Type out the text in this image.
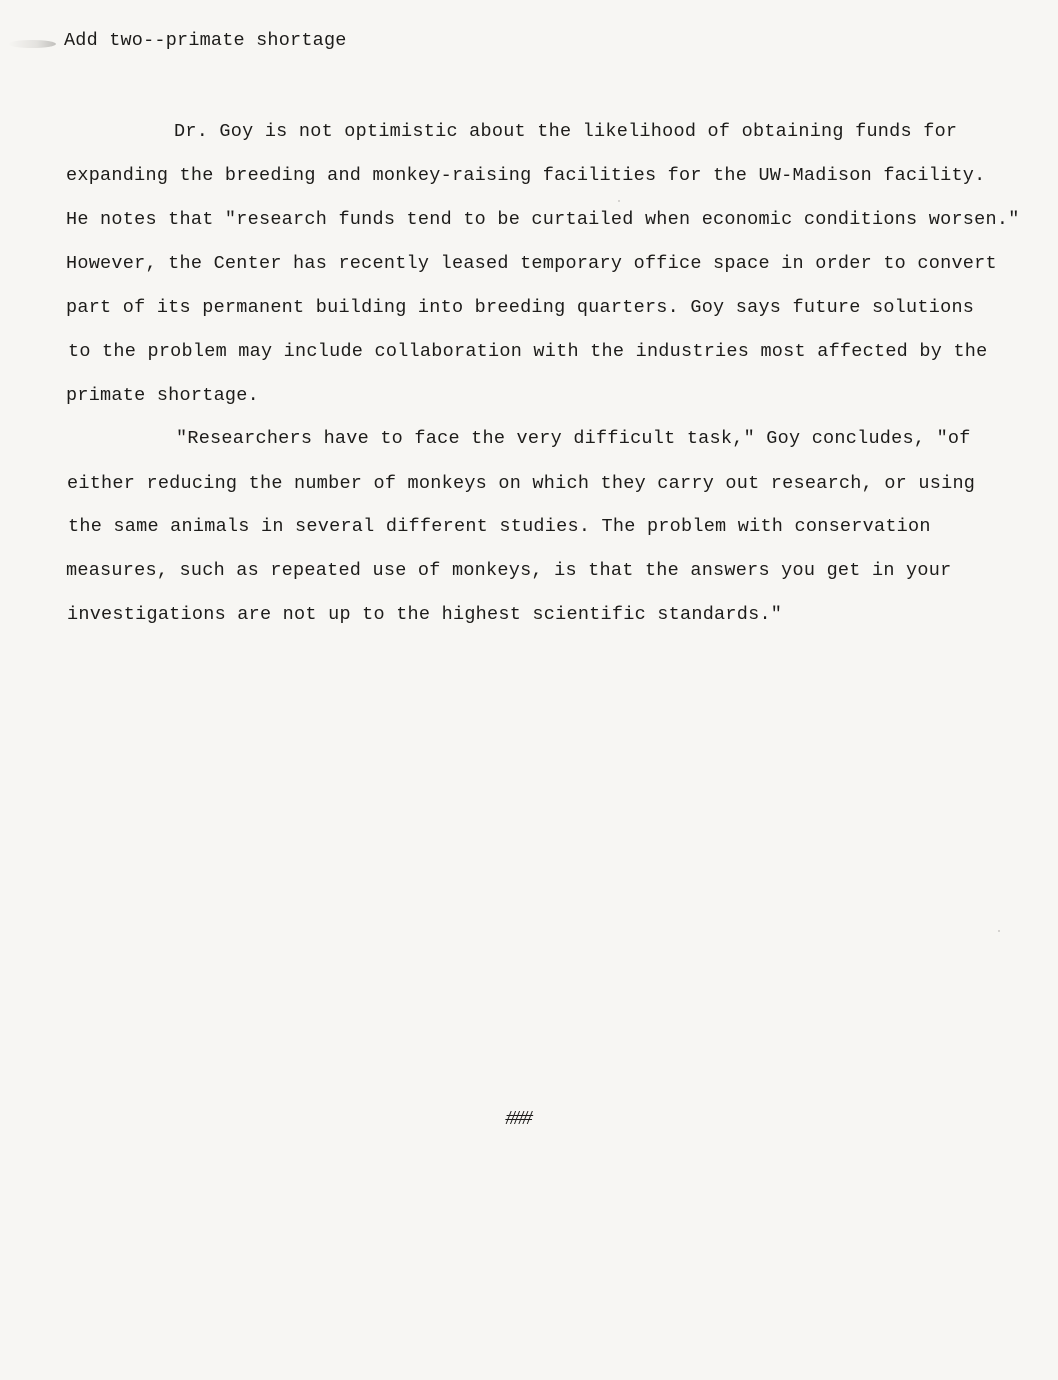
Add two--primate shortage
Dr. Goy is not optimistic about the likelihood of obtaining funds for
expanding the breeding and monkey-raising facilities for the UW-Madison facility.
He notes that "research funds tend to be curtailed when economic conditions worsen."
However, the Center has recently leased temporary office space in order to convert
part of its permanent building into breeding quarters. Goy says future solutions
to the problem may include collaboration with the industries most affected by the
primate shortage.
"Researchers have to face the very difficult task," Goy concludes, "of
either reducing the number of monkeys on which they carry out research, or using
the same animals in several different studies. The problem with conservation
measures, such as repeated use of monkeys, is that the answers you get in your
investigations are not up to the highest scientific standards."
###
